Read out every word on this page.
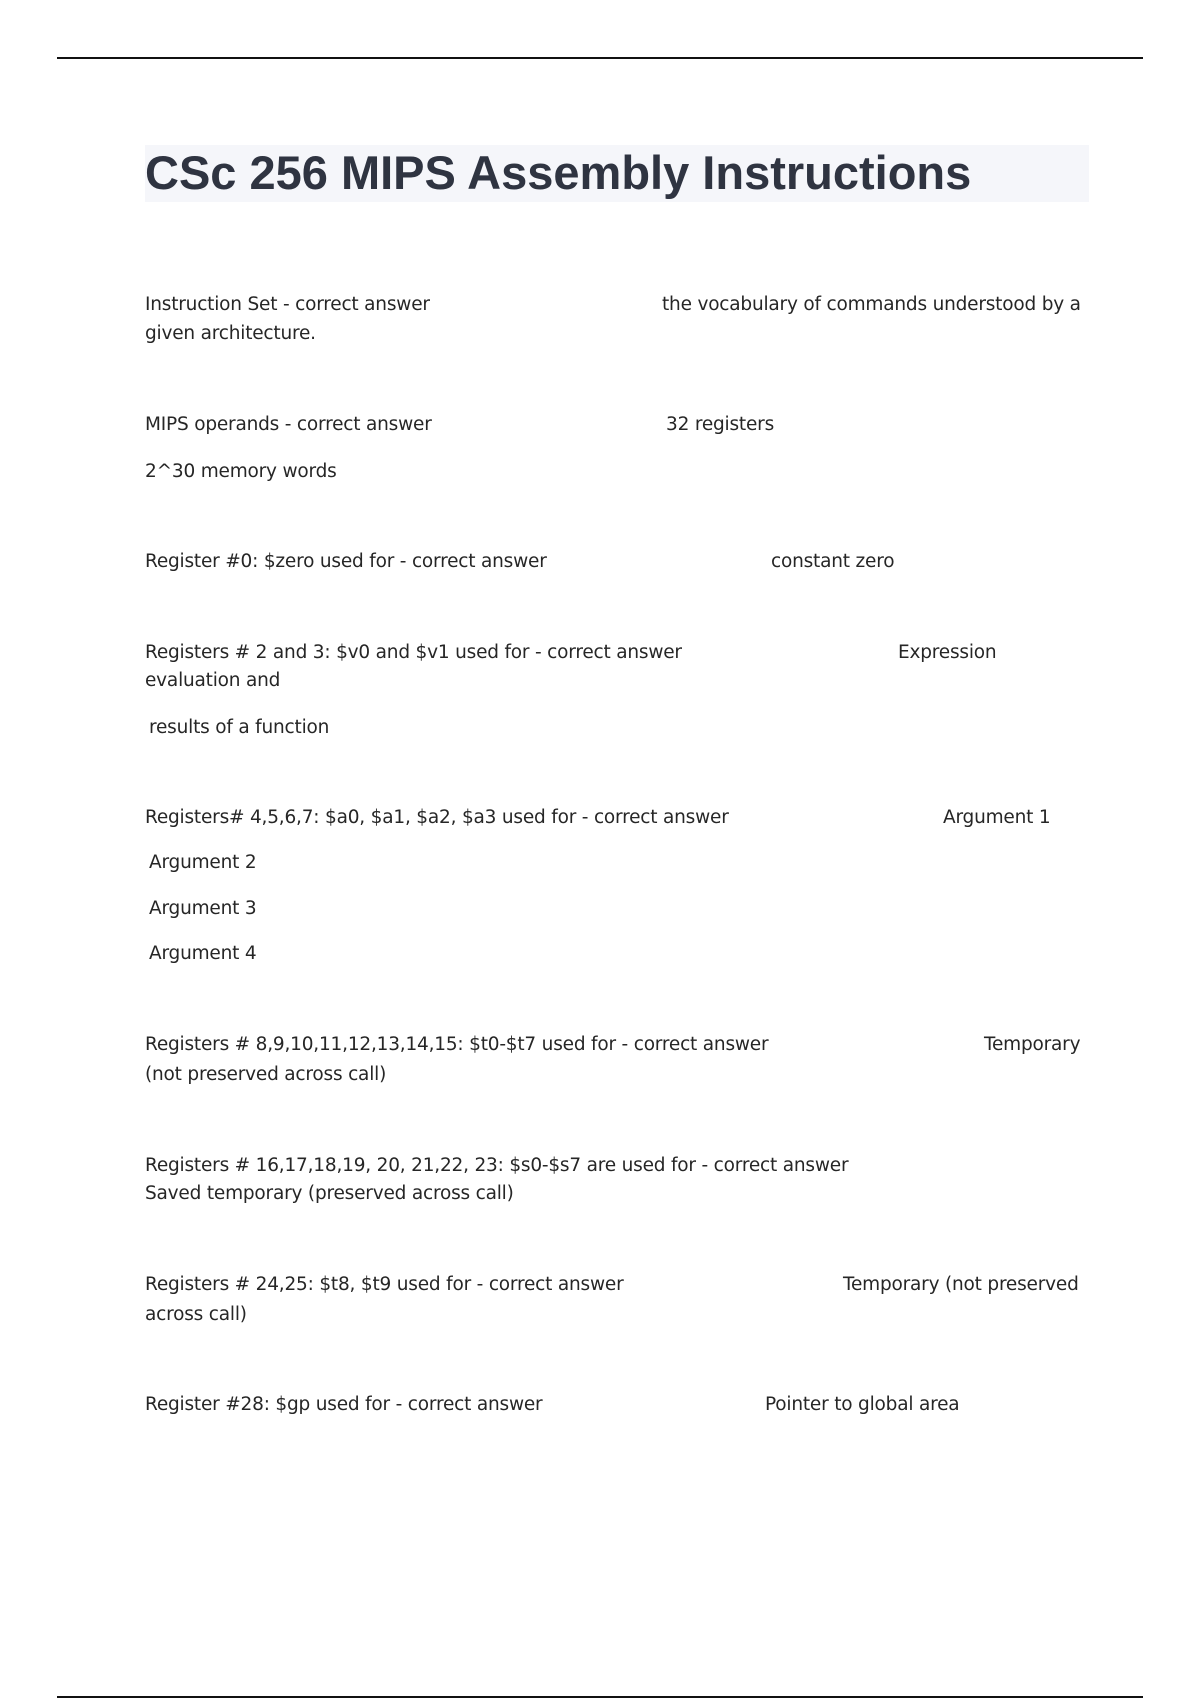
CSc 256 MIPS Assembly Instructions
Instruction Set - correct answer	the vocabulary of commands understood by a
given architecture.
MIPS operands - correct answer	32 registers
2^30 memory words
Register #0: $zero used for - correct answer	constant zero
Registers # 2 and 3: $v0 and $v1 used for - correct answer	Expression
evaluation and
results of a function
Registers# 4,5,6,7: $a0, $a1, $a2, $a3 used for - correct answer	Argument 1
Argument 2
Argument 3
Argument 4
Registers # 8,9,10,11,12,13,14,15: $t0-$t7 used for - correct answer	Temporary
(not preserved across call)
Registers # 16,17,18,19, 20, 21,22, 23: $s0-$s7 are used for - correct answer
Saved temporary (preserved across call)
Registers # 24,25: $t8, $t9 used for - correct answer	Temporary (not preserved
across call)
Register #28: $gp used for - correct answer	Pointer to global area
